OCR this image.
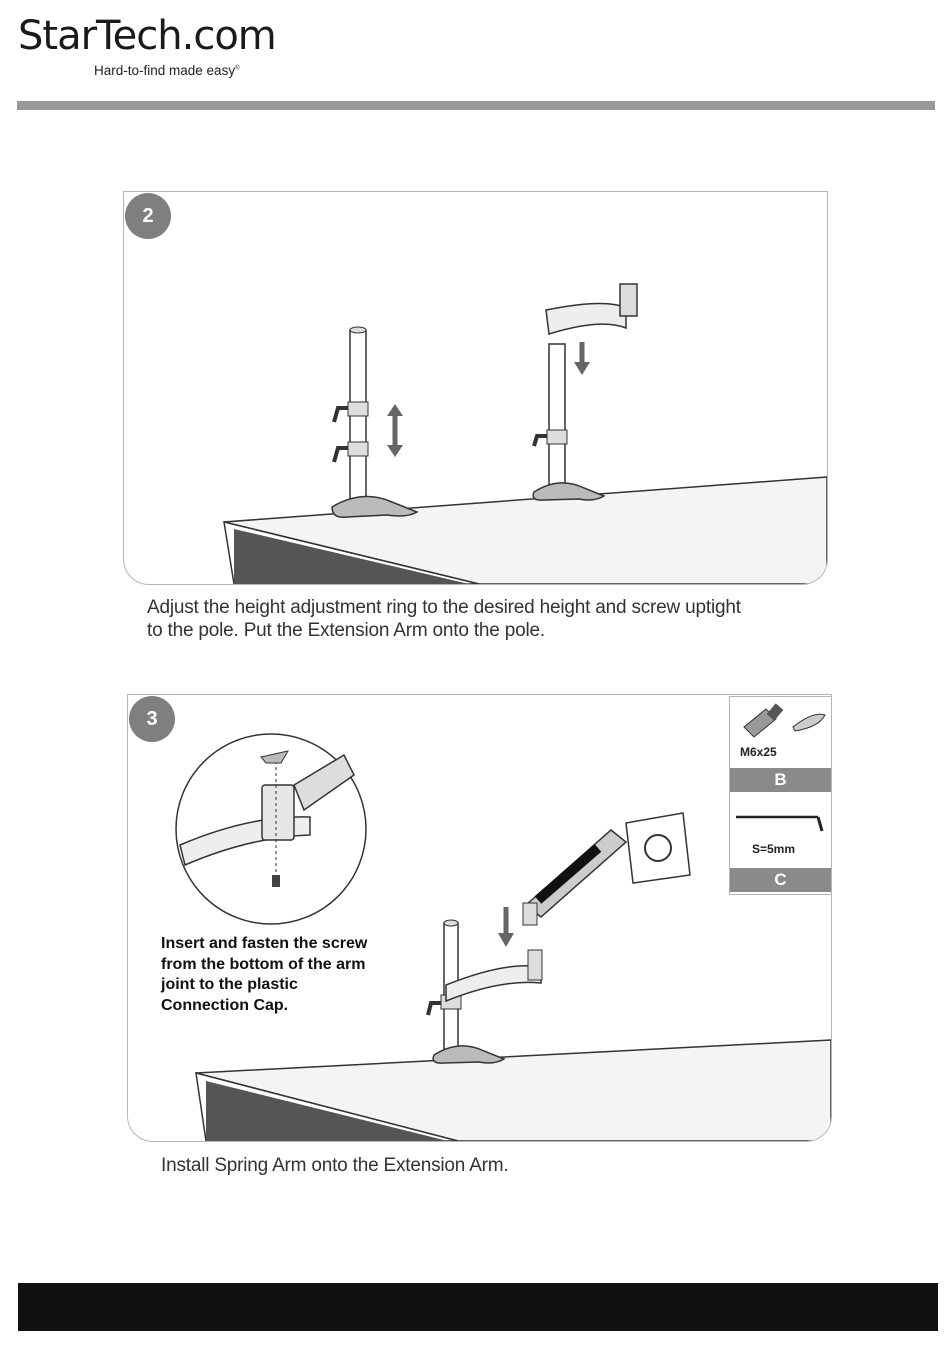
StarTech.com
Hard-to-find made easy®
2
Adjust the height adjustment ring to the desired height and screw uptight
to the pole. Put the Extension Arm onto the pole.
3
Insert and fasten the screw
from the bottom of the arm
joint to the plastic
Connection Cap.
M6x25
B
S=5mm
C
Install Spring Arm onto the Extension Arm.
